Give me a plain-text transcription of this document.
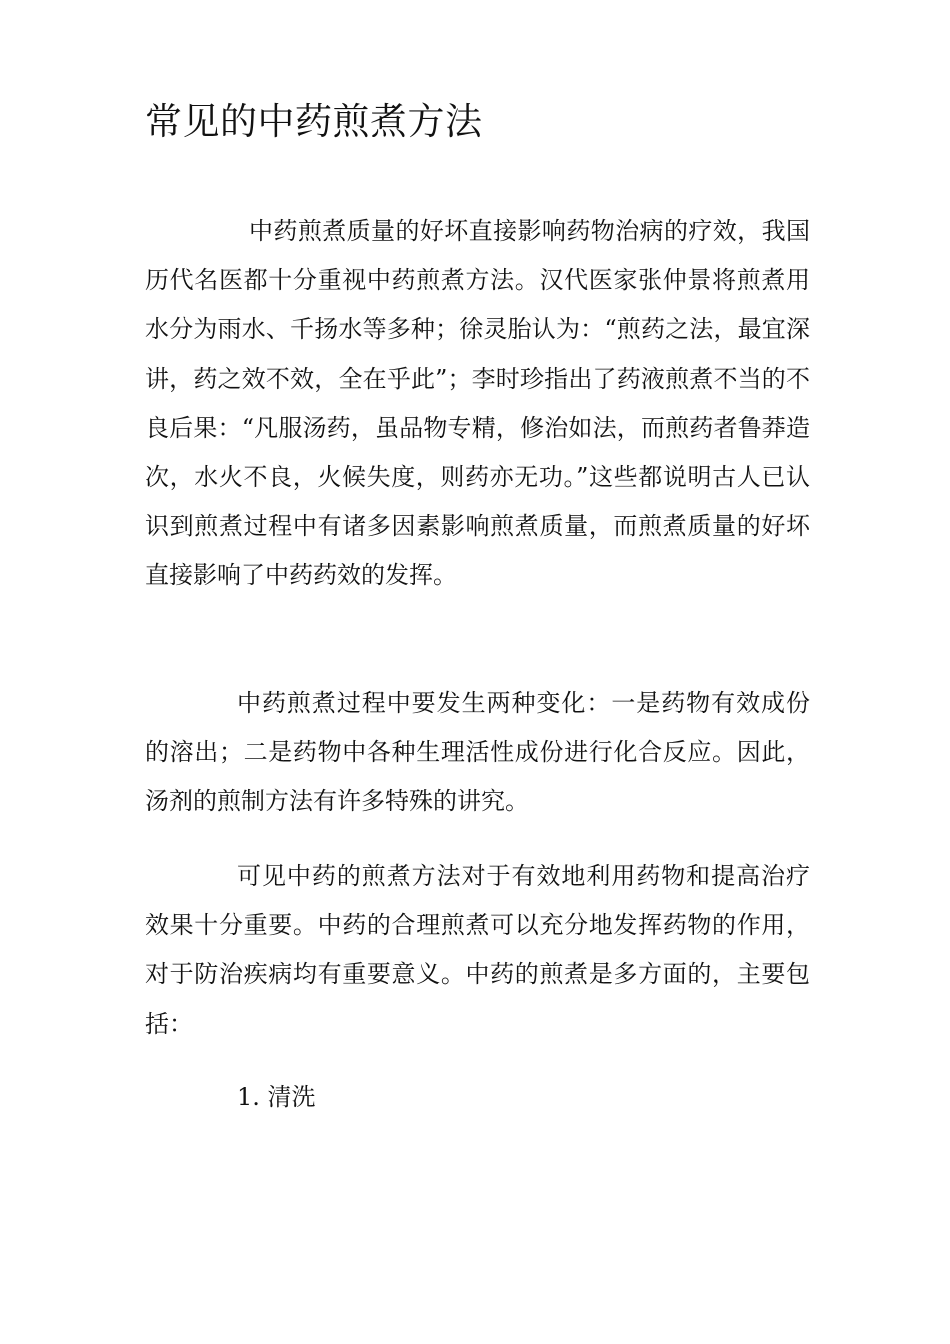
常见的中药煎煮方法

中药煎煮质量的好坏直接影响药物治病的疗效，我国历代名医都十分重视中药煎煮方法。汉代医家张仲景将煎煮用水分为雨水、千扬水等多种；徐灵胎认为：“煎药之法，最宜深讲，药之效不效，全在乎此”；李时珍指出了药液煎煮不当的不良后果：“凡服汤药，虽品物专精，修治如法，而煎药者鲁莽造次，水火不良，火候失度，则药亦无功。”这些都说明古人已认识到煎煮过程中有诸多因素影响煎煮质量，而煎煮质量的好坏直接影响了中药药效的发挥。

中药煎煮过程中要发生两种变化：一是药物有效成份的溶出；二是药物中各种生理活性成份进行化合反应。因此，汤剂的煎制方法有许多特殊的讲究。

可见中药的煎煮方法对于有效地利用药物和提高治疗效果十分重要。中药的合理煎煮可以充分地发挥药物的作用，对于防治疾病均有重要意义。中药的煎煮是多方面的，主要包括：

1. 清洗
